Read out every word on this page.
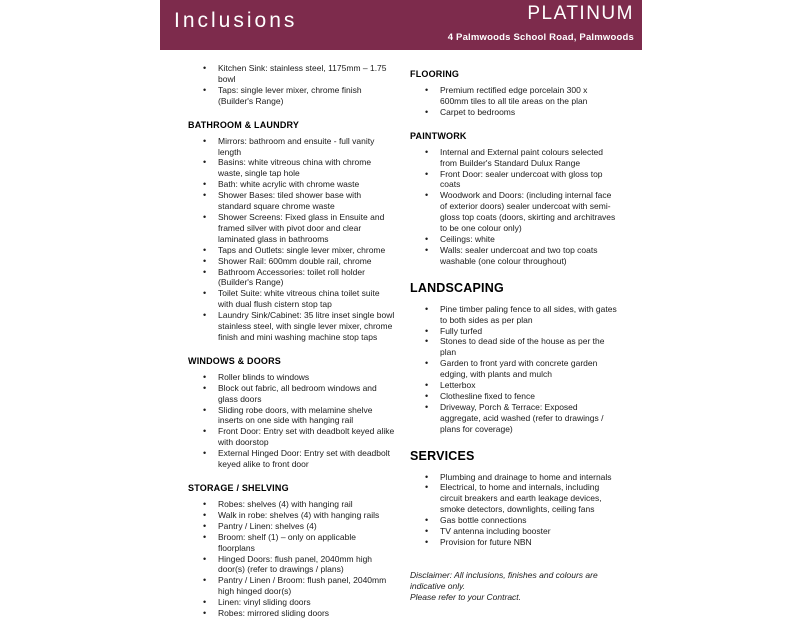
Inclusions	PLATINUM
4 Palmwoods School Road, Palmwoods
• Kitchen Sink: stainless steel, 1175mm – 1.75 bowl
• Taps: single lever mixer, chrome finish (Builder's Range)
BATHROOM & LAUNDRY
• Mirrors: bathroom and ensuite - full vanity length
• Basins: white vitreous china with chrome waste, single tap hole
• Bath: white acrylic with chrome waste
• Shower Bases: tiled shower base with standard square chrome waste
• Shower Screens: Fixed glass in Ensuite and framed silver with pivot door and clear laminated glass in bathrooms
• Taps and Outlets: single lever mixer, chrome
• Shower Rail: 600mm double rail, chrome
• Bathroom Accessories: toilet roll holder (Builder's Range)
• Toilet Suite: white vitreous china toilet suite with dual flush cistern stop tap
• Laundry Sink/Cabinet: 35 litre inset single bowl stainless steel, with single lever mixer, chrome finish and mini washing machine stop taps
WINDOWS & DOORS
• Roller blinds to windows
• Block out fabric, all bedroom windows and glass doors
• Sliding robe doors, with melamine shelve inserts on one side with hanging rail
• Front Door: Entry set with deadbolt keyed alike with doorstop
• External Hinged Door: Entry set with deadbolt keyed alike to front door
STORAGE / SHELVING
• Robes: shelves (4) with hanging rail
• Walk in robe: shelves (4) with hanging rails
• Pantry / Linen: shelves (4)
• Broom: shelf (1) – only on applicable floorplans
• Hinged Doors: flush panel, 2040mm high door(s) (refer to drawings / plans)
• Pantry / Linen / Broom: flush panel, 2040mm high hinged door(s)
• Linen: vinyl sliding doors
• Robes: mirrored sliding doors
FLOORING
• Premium rectified edge porcelain 300 x 600mm tiles to all tile areas on the plan
• Carpet to bedrooms
PAINTWORK
• Internal and External paint colours selected from Builder's Standard Dulux Range
• Front Door: sealer undercoat with gloss top coats
• Woodwork and Doors: (including internal face of exterior doors) sealer undercoat with semi-gloss top coats (doors, skirting and architraves to be one colour only)
• Ceilings: white
• Walls: sealer undercoat and two top coats washable (one colour throughout)
LANDSCAPING
• Pine timber paling fence to all sides, with gates to both sides as per plan
• Fully turfed
• Stones to dead side of the house as per the plan
• Garden to front yard with concrete garden edging, with plants and mulch
• Letterbox
• Clothesline fixed to fence
• Driveway, Porch & Terrace: Exposed aggregate, acid washed (refer to drawings / plans for coverage)
SERVICES
• Plumbing and drainage to home and internals
• Electrical, to home and internals, including circuit breakers and earth leakage devices, smoke detectors, downlights, ceiling fans
• Gas bottle connections
• TV antenna including booster
• Provision for future NBN
Disclaimer: All inclusions, finishes and colours are indicative only.
Please refer to your Contract.
